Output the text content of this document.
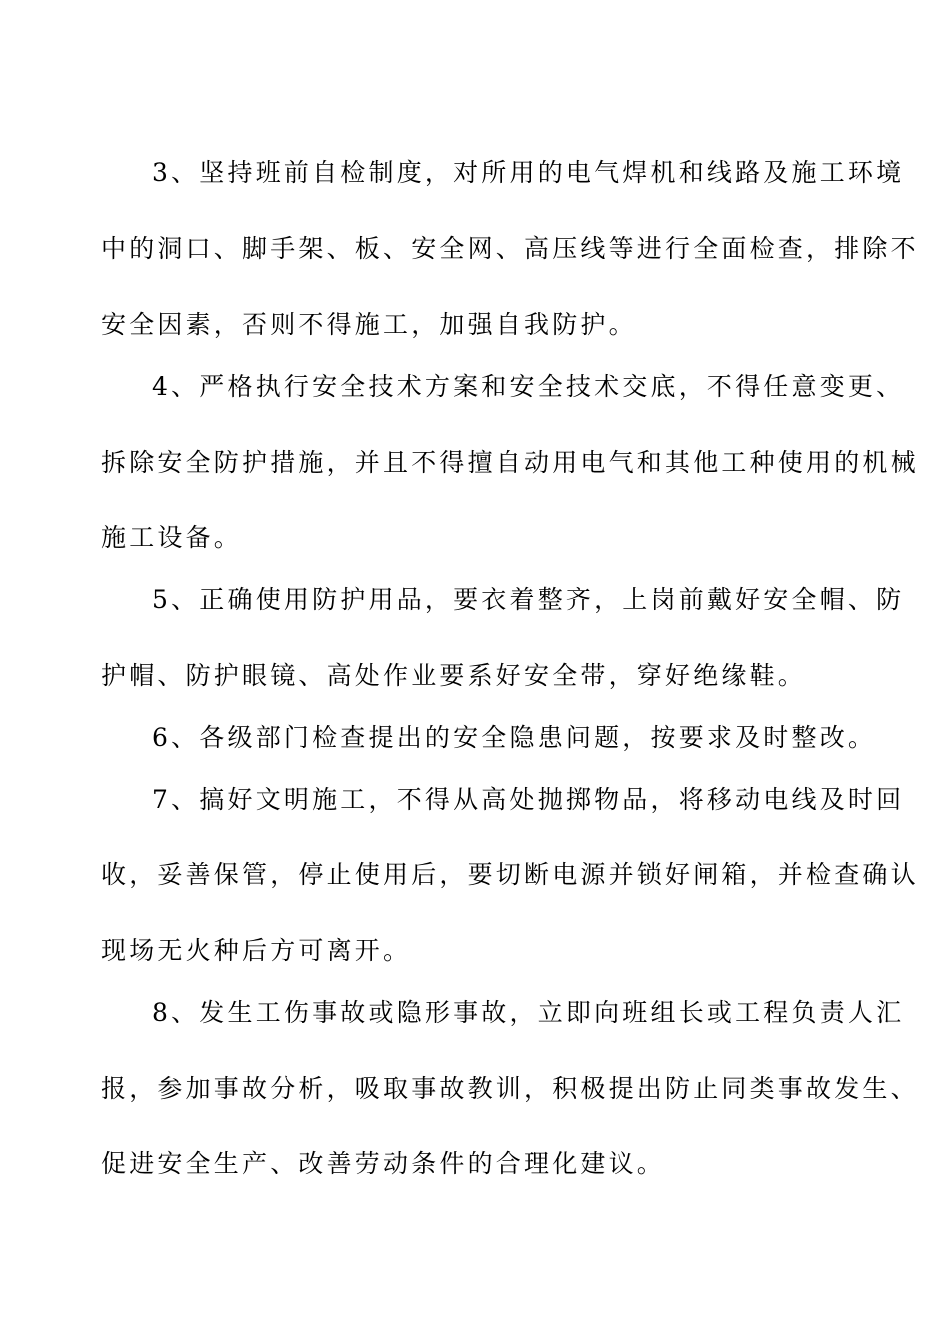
3、坚持班前自检制度，对所用的电气焊机和线路及施工环境
中的洞口、脚手架、板、安全网、高压线等进行全面检查，排除不
安全因素，否则不得施工，加强自我防护。
4、严格执行安全技术方案和安全技术交底，不得任意变更、
拆除安全防护措施，并且不得擅自动用电气和其他工种使用的机械
施工设备。
5、正确使用防护用品，要衣着整齐，上岗前戴好安全帽、防
护帽、防护眼镜、高处作业要系好安全带，穿好绝缘鞋。
6、各级部门检查提出的安全隐患问题，按要求及时整改。
7、搞好文明施工，不得从高处抛掷物品，将移动电线及时回
收，妥善保管，停止使用后，要切断电源并锁好闸箱，并检查确认
现场无火种后方可离开。
8、发生工伤事故或隐形事故，立即向班组长或工程负责人汇
报，参加事故分析，吸取事故教训，积极提出防止同类事故发生、
促进安全生产、改善劳动条件的合理化建议。
